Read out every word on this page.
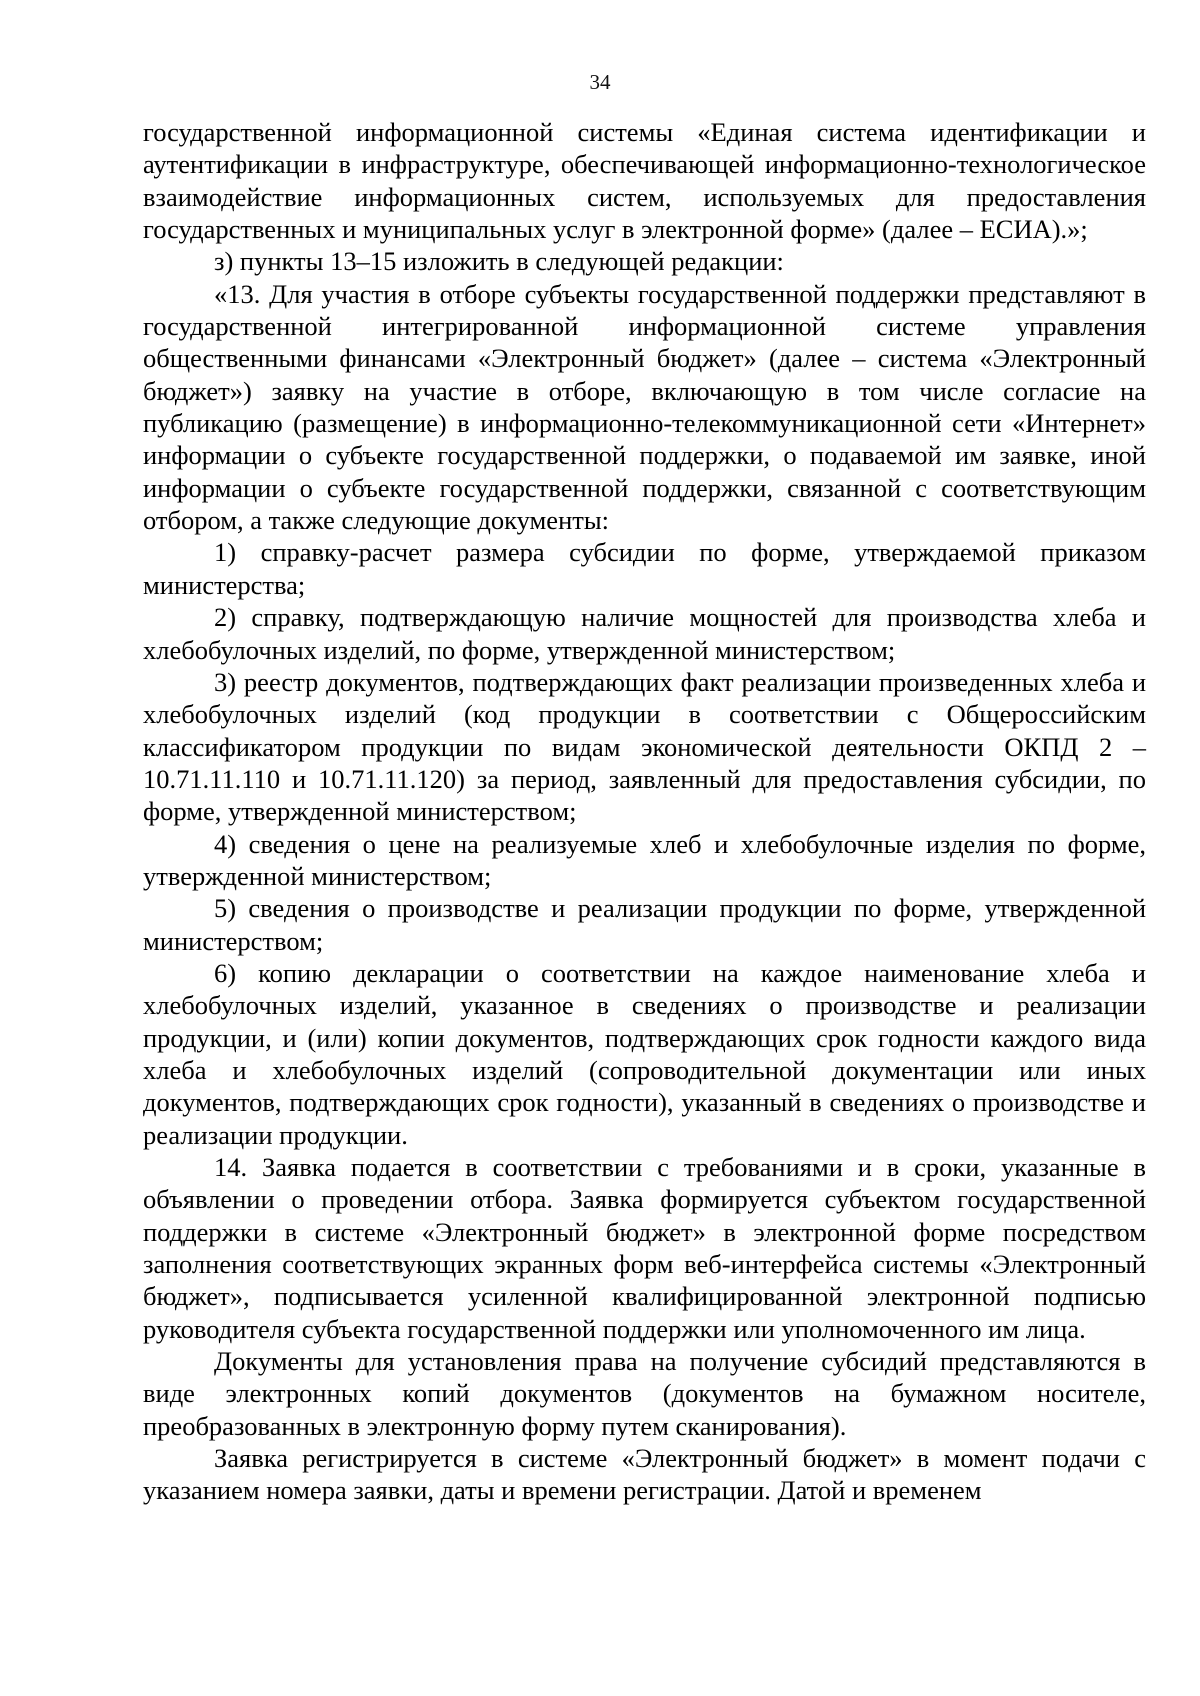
34

государственной информационной системы «Единая система идентификации и аутентификации в инфраструктуре, обеспечивающей информационно-технологическое взаимодействие информационных систем, используемых для предоставления государственных и муниципальных услуг в электронной форме» (далее – ЕСИА).»;

з) пункты 13–15 изложить в следующей редакции:

«13. Для участия в отборе субъекты государственной поддержки представляют в государственной интегрированной информационной системе управления общественными финансами «Электронный бюджет» (далее – система «Электронный бюджет») заявку на участие в отборе, включающую в том числе согласие на публикацию (размещение) в информационно-телекоммуникационной сети «Интернет» информации о субъекте государственной поддержки, о подаваемой им заявке, иной информации о субъекте государственной поддержки, связанной с соответствующим отбором, а также следующие документы:

1) справку-расчет размера субсидии по форме, утверждаемой приказом министерства;

2) справку, подтверждающую наличие мощностей для производства хлеба и хлебобулочных изделий, по форме, утвержденной министерством;

3) реестр документов, подтверждающих факт реализации произведенных хлеба и хлебобулочных изделий (код продукции в соответствии с Общероссийским классификатором продукции по видам экономической деятельности ОКПД 2 – 10.71.11.110 и 10.71.11.120) за период, заявленный для предоставления субсидии, по форме, утвержденной министерством;

4) сведения о цене на реализуемые хлеб и хлебобулочные изделия по форме, утвержденной министерством;

5) сведения о производстве и реализации продукции по форме, утвержденной министерством;

6) копию декларации о соответствии на каждое наименование хлеба и хлебобулочных изделий, указанное в сведениях о производстве и реализации продукции, и (или) копии документов, подтверждающих срок годности каждого вида хлеба и хлебобулочных изделий (сопроводительной документации или иных документов, подтверждающих срок годности), указанный в сведениях о производстве и реализации продукции.

14. Заявка подается в соответствии с требованиями и в сроки, указанные в объявлении о проведении отбора. Заявка формируется субъектом государственной поддержки в системе «Электронный бюджет» в электронной форме посредством заполнения соответствующих экранных форм веб-интерфейса системы «Электронный бюджет», подписывается усиленной квалифицированной электронной подписью руководителя субъекта государственной поддержки или уполномоченного им лица.

Документы для установления права на получение субсидий представляются в виде электронных копий документов (документов на бумажном носителе, преобразованных в электронную форму путем сканирования).

Заявка регистрируется в системе «Электронный бюджет» в момент подачи с указанием номера заявки, даты и времени регистрации. Датой и временем
